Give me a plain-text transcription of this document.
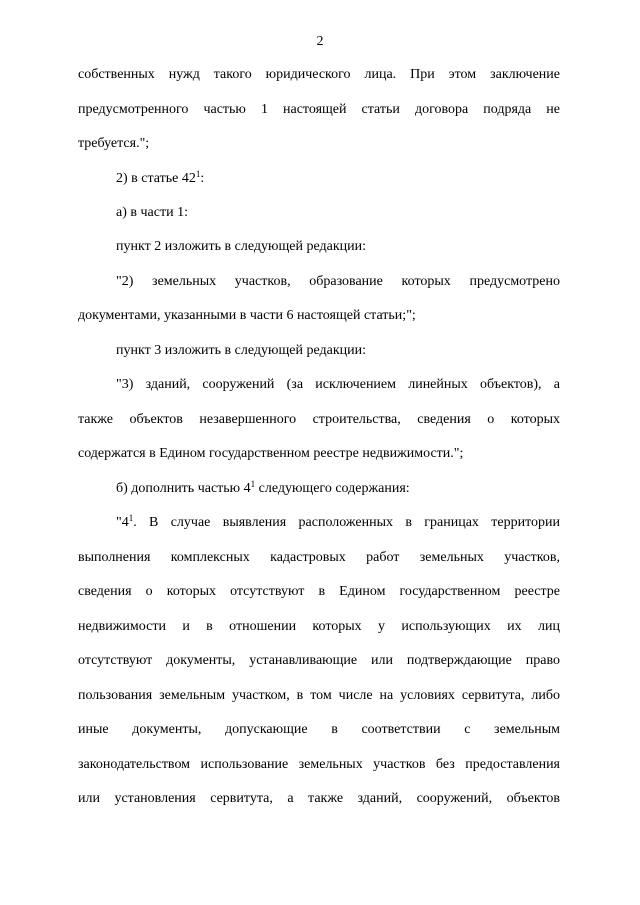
2
собственных нужд такого юридического лица. При этом заключение
предусмотренного частью 1 настоящей статьи договора подряда не
требуется.";
2) в статье $42^1$:
а) в части 1:
пункт 2 изложить в следующей редакции:
"2) земельных участков, образование которых предусмотрено
документами, указанными в части 6 настоящей статьи;";
пункт 3 изложить в следующей редакции:
"3) зданий, сооружений (за исключением линейных объектов), а
также объектов незавершенного строительства, сведения о которых
содержатся в Едином государственном реестре недвижимости.";
б) дополнить частью $4^1$ следующего содержания:
"$4^1$. В случае выявления расположенных в границах территории
выполнения комплексных кадастровых работ земельных участков,
сведения о которых отсутствуют в Едином государственном реестре
недвижимости и в отношении которых у использующих их лиц
отсутствуют документы, устанавливающие или подтверждающие право
пользования земельным участком, в том числе на условиях сервитута, либо
иные документы, допускающие в соответствии с земельным
законодательством использование земельных участков без предоставления
или установления сервитута, а также зданий, сооружений, объектов
